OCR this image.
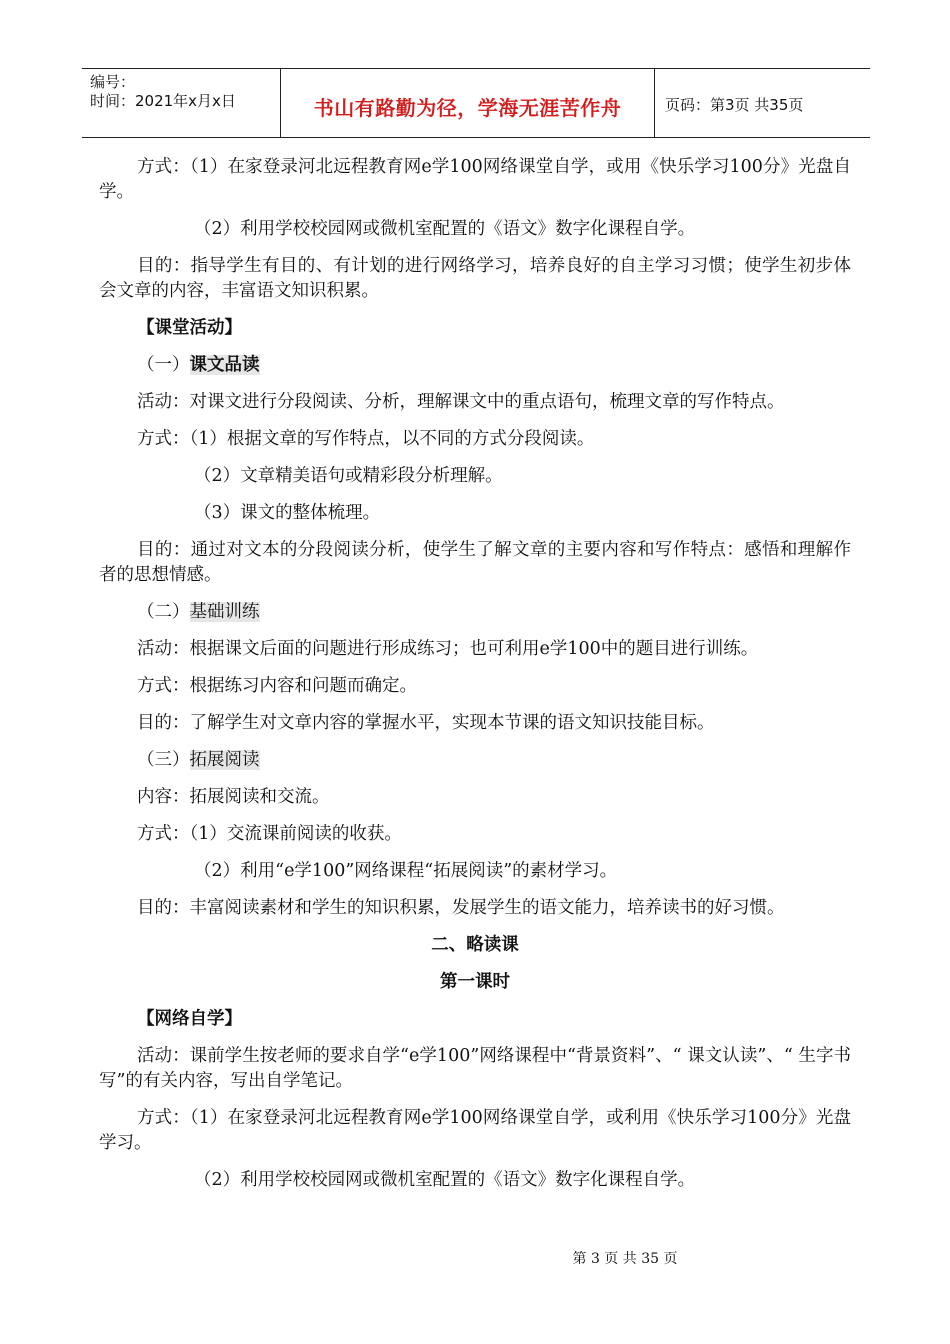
编号：
时间：2021年x月x日	书山有路勤为径，学海无涯苦作舟	页码：第3页 共35页

方式：（1）在家登录河北远程教育网e学100网络课堂自学，或用《快乐学习100分》光盘自学。

（2）利用学校校园网或微机室配置的《语文》数字化课程自学。

目的：指导学生有目的、有计划的进行网络学习，培养良好的自主学习习惯；使学生初步体会文章的内容，丰富语文知识积累。

【课堂活动】

（一）课文品读

活动：对课文进行分段阅读、分析，理解课文中的重点语句，梳理文章的写作特点。

方式：（1）根据文章的写作特点，以不同的方式分段阅读。

（2）文章精美语句或精彩段分析理解。

（3）课文的整体梳理。

目的：通过对文本的分段阅读分析，使学生了解文章的主要内容和写作特点：感悟和理解作者的思想情感。

（二）基础训练

活动：根据课文后面的问题进行形成练习；也可利用e学100中的题目进行训练。

方式：根据练习内容和问题而确定。

目的：了解学生对文章内容的掌握水平，实现本节课的语文知识技能目标。

（三）拓展阅读

内容：拓展阅读和交流。

方式：（1）交流课前阅读的收获。

（2）利用“e学100”网络课程“拓展阅读”的素材学习。

目的：丰富阅读素材和学生的知识积累，发展学生的语文能力，培养读书的好习惯。

二、略读课

第一课时

【网络自学】

活动：课前学生按老师的要求自学“e学100”网络课程中“背景资料”、“ 课文认读”、“ 生字书写”的有关内容，写出自学笔记。

方式：（1）在家登录河北远程教育网e学100网络课堂自学，或利用《快乐学习100分》光盘学习。

（2）利用学校校园网或微机室配置的《语文》数字化课程自学。

第 3 页 共 35 页
